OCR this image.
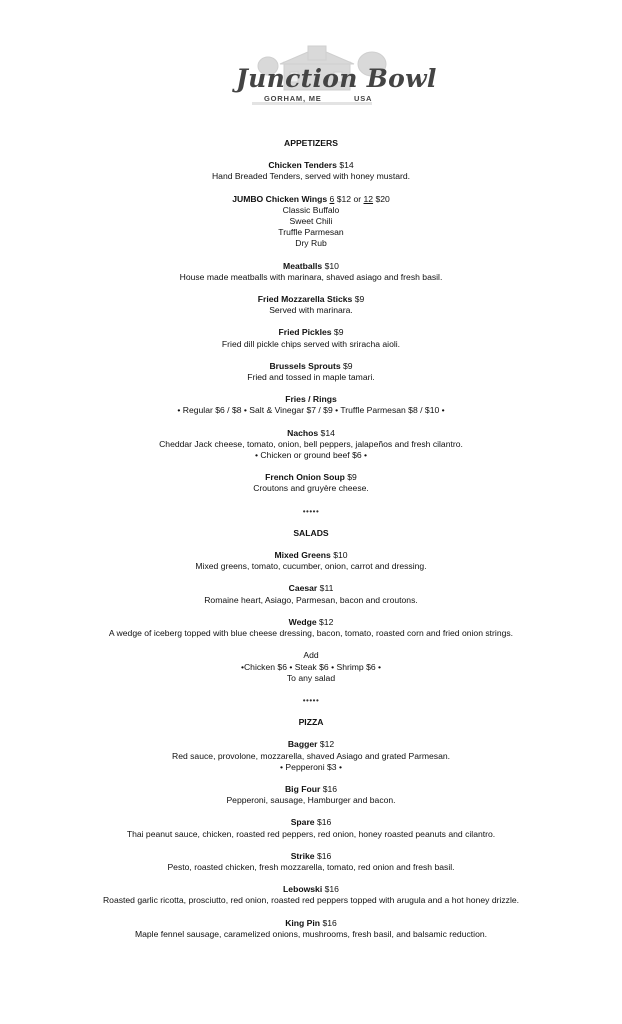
Junction Bowl
GORHAM, ME	USA
APPETIZERS
Chicken Tenders $14
Hand Breaded Tenders, served with honey mustard.
JUMBO Chicken Wings 6 $12 or 12 $20
Classic Buffalo
Sweet Chili
Truffle Parmesan
Dry Rub
Meatballs $10
House made meatballs with marinara, shaved asiago and fresh basil.
Fried Mozzarella Sticks $9
Served with marinara.
Fried Pickles $9
Fried dill pickle chips served with sriracha aioli.
Brussels Sprouts $9
Fried and tossed in maple tamari.
Fries / Rings
• Regular $6 / $8 • Salt & Vinegar $7 / $9 • Truffle Parmesan $8 / $10 •
Nachos $14
Cheddar Jack cheese, tomato, onion, bell peppers, jalapeños and fresh cilantro.
• Chicken or ground beef $6 •
French Onion Soup $9
Croutons and gruyère cheese.
•••••
SALADS
Mixed Greens $10
Mixed greens, tomato, cucumber, onion, carrot and dressing.
Caesar $11
Romaine heart, Asiago, Parmesan, bacon and croutons.
Wedge $12
A wedge of iceberg topped with blue cheese dressing, bacon, tomato, roasted corn and fried onion strings.
Add
•Chicken $6 • Steak $6 • Shrimp $6 •
To any salad
•••••
PIZZA
Bagger $12
Red sauce, provolone, mozzarella, shaved Asiago and grated Parmesan.
• Pepperoni $3 •
Big Four $16
Pepperoni, sausage, Hamburger and bacon.
Spare $16
Thai peanut sauce, chicken, roasted red peppers, red onion, honey roasted peanuts and cilantro.
Strike $16
Pesto, roasted chicken, fresh mozzarella, tomato, red onion and fresh basil.
Lebowski $16
Roasted garlic ricotta, prosciutto, red onion, roasted red peppers topped with arugula and a hot honey drizzle.
King Pin $16
Maple fennel sausage, caramelized onions, mushrooms, fresh basil, and balsamic reduction.
